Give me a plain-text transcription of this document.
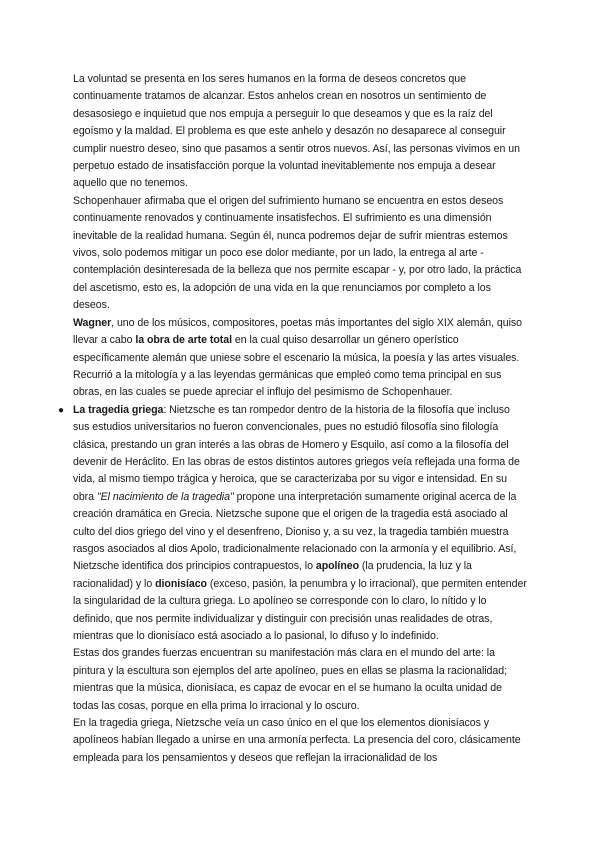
La voluntad se presenta en los seres humanos en la forma de deseos concretos que continuamente tratamos de alcanzar. Estos anhelos crean en nosotros un sentimiento de desasosiego e inquietud que nos empuja a perseguir lo que deseamos y que es la raíz del egoísmo y la maldad. El problema es que este anhelo y desazón no desaparece al conseguir cumplir nuestro deseo, sino que pasamos a sentir otros nuevos. Así, las personas vivimos en un perpetuo estado de insatisfacción porque la voluntad inevitablemente nos empuja a desear aquello que no tenemos.

Schopenhauer afirmaba que el origen del sufrimiento humano se encuentra en estos deseos continuamente renovados y continuamente insatisfechos. El sufrimiento es una dimensión inevitable de la realidad humana. Según él, nunca podremos dejar de sufrir mientras estemos vivos, solo podemos mitigar un poco ese dolor mediante, por un lado, la entrega al arte - contemplación desinteresada de la belleza que nos permite escapar - y, por otro lado, la práctica del ascetismo, esto es, la adopción de una vida en la que renunciamos por completo a los deseos.

Wagner, uno de los músicos, compositores, poetas más importantes del siglo XIX alemán, quiso llevar a cabo la obra de arte total en la cual quiso desarrollar un género operístico específicamente alemán que uniese sobre el escenario la música, la poesía y las artes visuales. Recurrió a la mitología y a las leyendas germánicas que empleó como tema principal en sus obras, en las cuales se puede apreciar el influjo del pesimismo de Schopenhauer.

● La tragedia griega: Nietzsche es tan rompedor dentro de la historia de la filosofía que incluso sus estudios universitarios no fueron convencionales, pues no estudió filosofía sino filología clásica, prestando un gran interés a las obras de Homero y Esquilo, así como a la filosofía del devenir de Heráclito. En las obras de estos distintos autores griegos veía reflejada una forma de vida, al mismo tiempo trágica y heroica, que se caracterizaba por su vigor e intensidad. En su obra "El nacimiento de la tragedia" propone una interpretación sumamente original acerca de la creación dramática en Grecia. Nietzsche supone que el origen de la tragedia está asociado al culto del dios griego del vino y el desenfreno, Dioniso y, a su vez, la tragedia también muestra rasgos asociados al dios Apolo, tradicionalmente relacionado con la armonía y el equilibrio. Así, Nietzsche identifica dos principios contrapuestos, lo apolíneo (la prudencia, la luz y la racionalidad) y lo dionisíaco (exceso, pasión, la penumbra y lo irracional), que permiten entender la singularidad de la cultura griega. Lo apolíneo se corresponde con lo claro, lo nítido y lo definido, que nos permite individualizar y distinguir con precisión unas realidades de otras, mientras que lo dionisíaco está asociado a lo pasional, lo difuso y lo indefinido.

Estas dos grandes fuerzas encuentran su manifestación más clara en el mundo del arte: la pintura y la escultura son ejemplos del arte apolíneo, pues en ellas se plasma la racionalidad; mientras que la música, dionisíaca, es capaz de evocar en el se humano la oculta unidad de todas las cosas, porque en ella prima lo irracional y lo oscuro.

En la tragedia griega, Nietzsche veía un caso único en el que los elementos dionisíacos y apolíneos habían llegado a unirse en una armonía perfecta. La presencia del coro, clásicamente empleada para los pensamientos y deseos que reflejan la irracionalidad de los
